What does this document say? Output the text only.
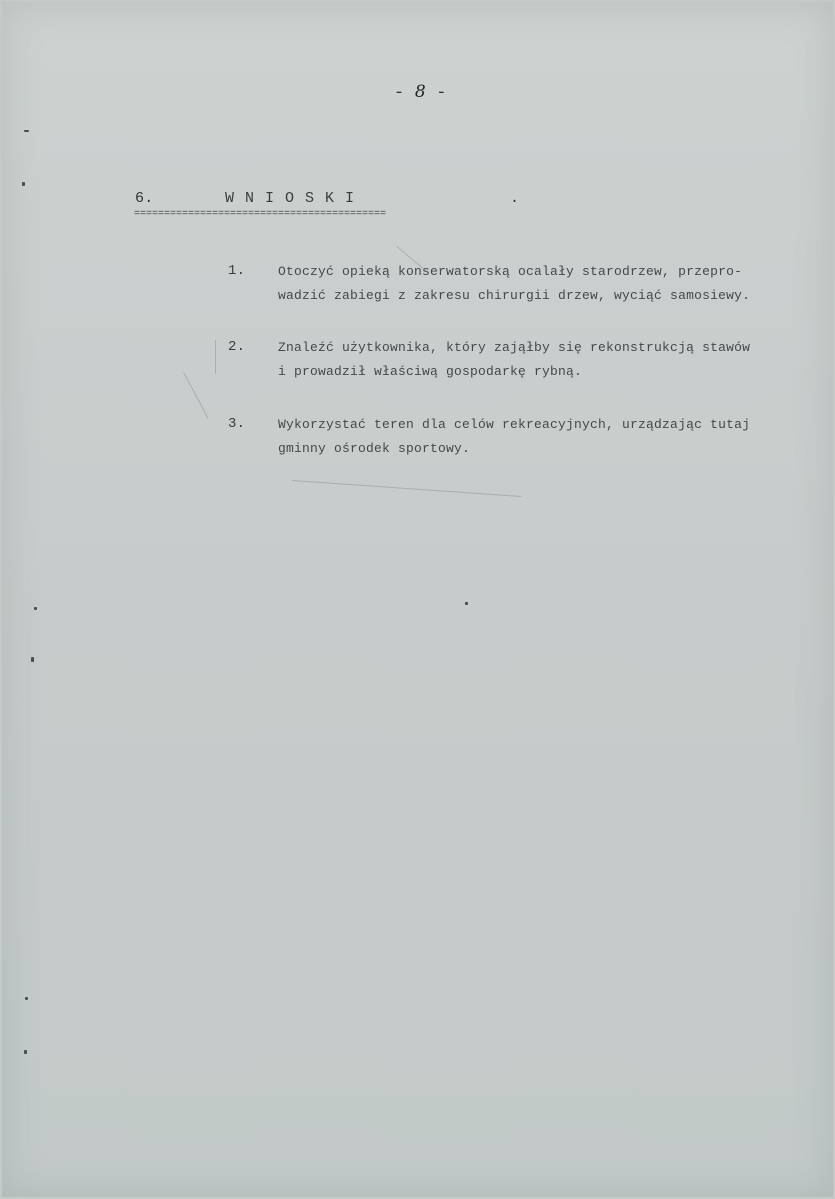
- 8 -
6.	WNIOSKI	.
==========================================
1.	Otoczyć opieką konserwatorską ocalały starodrzew, przepro-
wadzić zabiegi z zakresu chirurgii drzew, wyciąć samosiewy.
2.	Znaleźć użytkownika, który zająłby się rekonstrukcją stawów
i prowadził właściwą gospodarkę rybną.
3.	Wykorzystać teren dla celów rekreacyjnych, urządzając tutaj
gminny ośrodek sportowy.
